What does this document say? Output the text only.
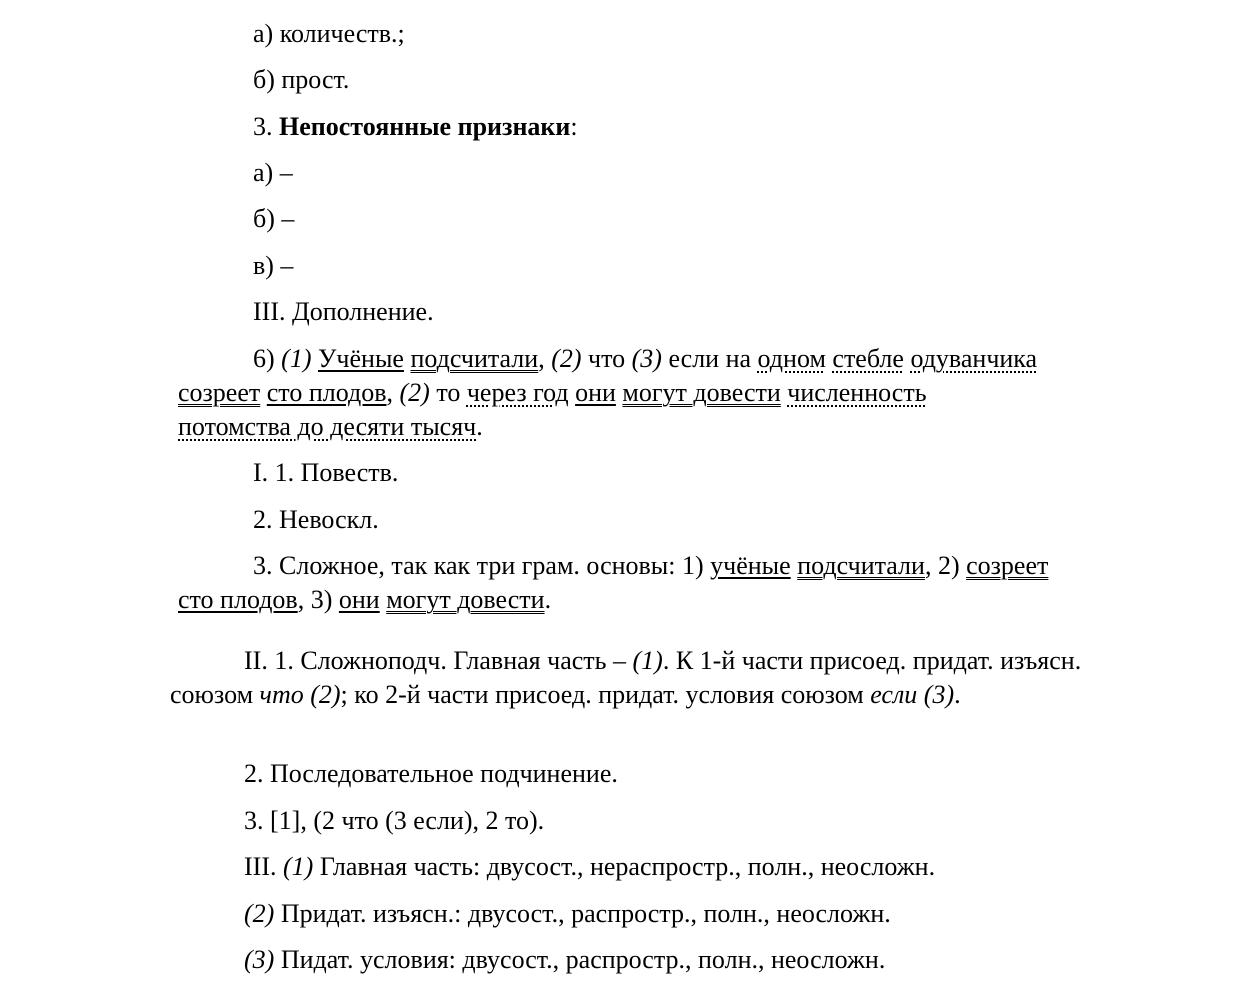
а) количеств.;
б) прост.
3. Непостоянные признаки:
а) –
б) –
в) –
III. Дополнение.
6) (1) Учёные подсчитали, (2) что (3) если на одном стебле одуванчика
созреет сто плодов, (2) то через год они могут довести численность
потомства до десяти тысяч.
I. 1. Повеств.
2. Невоскл.
3. Сложное, так как три грам. основы: 1) учёные подсчитали, 2) созреет
сто плодов, 3) они могут довести.
II. 1. Сложноподч. Главная часть – (1). К 1-й части присоед. придат. изъясн. союзом что (2); ко 2-й части присоед. придат. условия союзом если (3).
2. Последовательное подчинение.
3. [1], (2 что (3 если), 2 то).
III. (1) Главная часть: двусост., нераспростр., полн., неосложн.
(2) Придат. изъясн.: двусост., распростр., полн., неосложн.
(3) Пидат. условия: двусост., распростр., полн., неосложн.
